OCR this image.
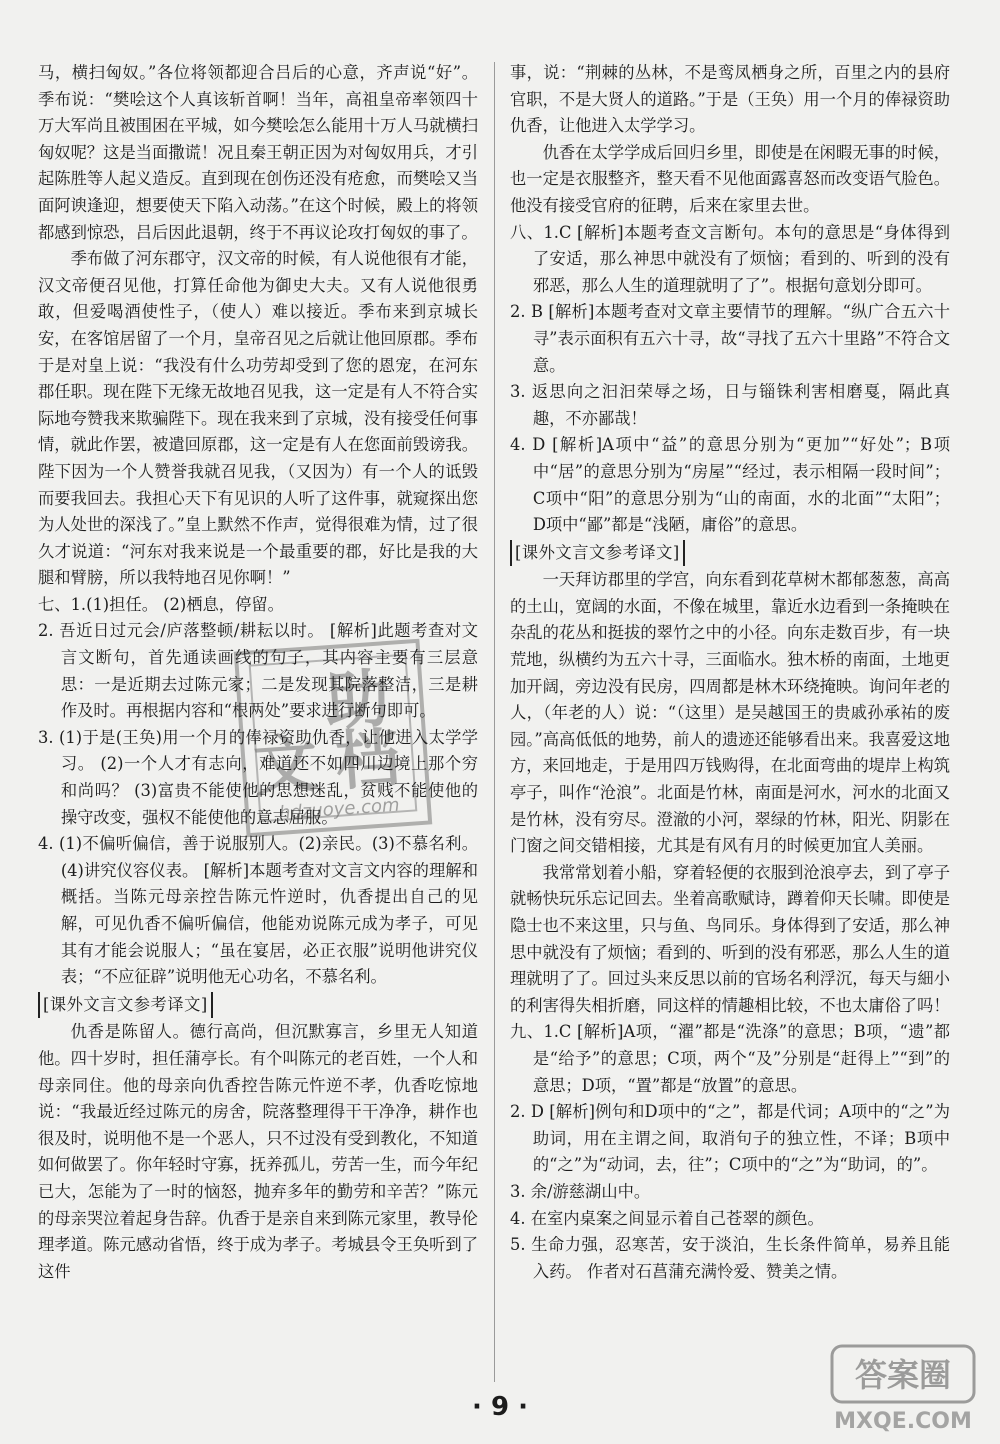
马，横扫匈奴。”各位将领都迎合吕后的心意，齐声说“好”。季布说：“樊哙这个人真该斩首啊！当年，高祖皇帝率领四十万大军尚且被围困在平城，如今樊哙怎么能用十万人马就横扫匈奴呢？这是当面撒谎！况且秦王朝正因为对匈奴用兵，才引起陈胜等人起义造反。直到现在创伤还没有疮愈，而樊哙又当面阿谀逢迎，想要使天下陷入动荡。”在这个时候，殿上的将领都感到惊恐，吕后因此退朝，终于不再议论攻打匈奴的事了。

季布做了河东郡守，汉文帝的时候，有人说他很有才能，汉文帝便召见他，打算任命他为御史大夫。又有人说他很勇敢，但爱喝酒使性子，（使人）难以接近。季布来到京城长安，在客馆居留了一个月，皇帝召见之后就让他回原郡。季布于是对皇上说：“我没有什么功劳却受到了您的恩宠，在河东郡任职。现在陛下无缘无故地召见我，这一定是有人不符合实际地夸赞我来欺骗陛下。现在我来到了京城，没有接受任何事情，就此作罢，被遣回原郡，这一定是有人在您面前毁谤我。陛下因为一个人赞誉我就召见我，（又因为）有一个人的诋毁而要我回去。我担心天下有见识的人听了这件事，就窥探出您为人处世的深浅了。”皇上默然不作声，觉得很难为情，过了很久才说道：“河东对我来说是一个最重要的郡，好比是我的大腿和臂膀，所以我特地召见你啊！”

七、1.(1)担任。 (2)栖息，停留。

2. 吾近日过元会/庐落整顿/耕耘以时。 [解析]此题考查对文言文断句，首先通读画线的句子，其内容主要有三层意思：一是近期去过陈元家；二是发现其院落整洁，三是耕作及时。再根据内容和“根两处”要求进行断句即可。

3. (1)于是(王奂)用一个月的俸禄资助仇香，让他进入太学学习。 (2)一个人才有志向，难道还不如四川边境上那个穷和尚吗？ (3)富贵不能使他的思想迷乱，贫贱不能使他的操守改变，强权不能使他的意志屈服。

4. (1)不偏听偏信，善于说服别人。(2)亲民。(3)不慕名利。(4)讲究仪容仪表。 [解析]本题考查对文言文内容的理解和概括。当陈元母亲控告陈元忤逆时，仇香提出自己的见解，可见仇香不偏听偏信，他能劝说陈元成为孝子，可见其有才能会说服人；“虽在宴居，必正衣服”说明他讲究仪表；“不应征辟”说明他无心功名，不慕名利。

[课外文言文参考译文]

仇香是陈留人。德行高尚，但沉默寡言，乡里无人知道他。四十岁时，担任蒲亭长。有个叫陈元的老百姓，一个人和母亲同住。他的母亲向仇香控告陈元忤逆不孝，仇香吃惊地说：“我最近经过陈元的房舍，院落整理得干干净净，耕作也很及时，说明他不是一个恶人，只不过没有受到教化，不知道如何做罢了。你年轻时守寡，抚养孤儿，劳苦一生，而今年纪已大，怎能为了一时的恼怒，抛弃多年的勤劳和辛苦？”陈元的母亲哭泣着起身告辞。仇香于是亲自来到陈元家里，教导伦理孝道。陈元感动省悟，终于成为孝子。考城县令王奂听到了这件

事，说：“荆棘的丛林，不是鸾凤栖身之所，百里之内的县府官职，不是大贤人的道路。”于是（王奂）用一个月的俸禄资助仇香，让他进入太学学习。

仇香在太学学成后回归乡里，即使是在闲暇无事的时候，也一定是衣服整齐，整天看不见他面露喜怒而改变语气脸色。他没有接受官府的征聘，后来在家里去世。

八、1.C [解析]本题考查文言断句。本句的意思是“身体得到了安适，那么神思中就没有了烦恼；看到的、听到的没有邪恶，那么人生的道理就明了了”。根据句意划分即可。

2. B [解析]本题考查对文章主要情节的理解。“纵广合五六十寻”表示面积有五六十寻，故“寻找了五六十里路”不符合文意。

3. 返思向之汩汩荣辱之场，日与锱铢利害相磨戛，隔此真趣，不亦鄙哉！

4. D [解析]A项中“益”的意思分别为“更加”“好处”；B项中“居”的意思分别为“房屋”“经过，表示相隔一段时间”；C项中“阳”的意思分别为“山的南面，水的北面”“太阳”；D项中“鄙”都是“浅陋，庸俗”的意思。

[课外文言文参考译文]

一天拜访郡里的学宫，向东看到花草树木都郁葱葱，高高的土山，宽阔的水面，不像在城里，靠近水边看到一条掩映在杂乱的花丛和挺拔的翠竹之中的小径。向东走数百步，有一块荒地，纵横约为五六十寻，三面临水。独木桥的南面，土地更加开阔，旁边没有民房，四周都是林木环绕掩映。询问年老的人，（年老的人）说：“（这里）是吴越国王的贵戚孙承祐的废园。”高高低低的地势，前人的遗迹还能够看出来。我喜爱这地方，来回地走，于是用四万钱购得，在北面弯曲的堤岸上构筑亭子，叫作“沧浪”。北面是竹林，南面是河水，河水的北面又是竹林，没有穷尽。澄澈的小河，翠绿的竹林，阳光、阴影在门窗之间交错相接，尤其是有风有月的时候更加宜人美丽。

我常常划着小船，穿着轻便的衣服到沧浪亭去，到了亭子就畅快玩乐忘记回去。坐着高歌赋诗，蹲着仰天长啸。即使是隐士也不来这里，只与鱼、鸟同乐。身体得到了安适，那么神思中就没有了烦恼；看到的、听到的没有邪恶，那么人生的道理就明了了。回过头来反思以前的官场名利浮沉，每天与細小的利害得失相折磨，同这样的情趣相比较，不也太庸俗了吗！

九、1.C [解析]A项，“濯”都是“洗涤”的意思；B项，“遗”都是“给予”的意思；C项，两个“及”分别是“赶得上”“到”的意思；D项，“置”都是“放置”的意思。

2. D [解析]例句和D项中的“之”，都是代词；A项中的“之”为助词，用在主谓之间，取消句子的独立性，不译；B项中的“之”为“动词，去，往”；C项中的“之”为“助词，的”。

3. 余/游慈湖山中。

4. 在室内桌案之间显示着自己苍翠的颜色。

5. 生命力强，忍寒苦，安于淡泊，生长条件简单，易养且能入药。 作者对石菖蒲充满怜爱、赞美之情。

助
文 档
hdzuoye.com
· 9 ·
答案圈
MXQE.COM
